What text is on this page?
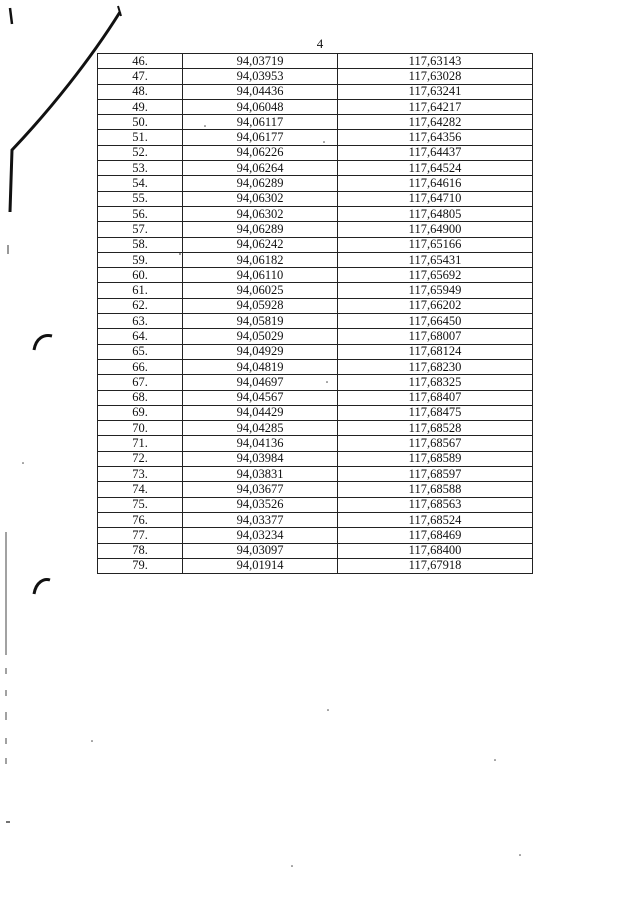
4
46.	94,03719	117,63143
47.	94,03953	117,63028
48.	94,04436	117,63241
49.	94,06048	117,64217
50.	94,06117	117,64282
51.	94,06177	117,64356
52.	94,06226	117,64437
53.	94,06264	117,64524
54.	94,06289	117,64616
55.	94,06302	117,64710
56.	94,06302	117,64805
57.	94,06289	117,64900
58.	94,06242	117,65166
59.	94,06182	117,65431
60.	94,06110	117,65692
61.	94,06025	117,65949
62.	94,05928	117,66202
63.	94,05819	117,66450
64.	94,05029	117,68007
65.	94,04929	117,68124
66.	94,04819	117,68230
67.	94,04697	117,68325
68.	94,04567	117,68407
69.	94,04429	117,68475
70.	94,04285	117,68528
71.	94,04136	117,68567
72.	94,03984	117,68589
73.	94,03831	117,68597
74.	94,03677	117,68588
75.	94,03526	117,68563
76.	94,03377	117,68524
77.	94,03234	117,68469
78.	94,03097	117,68400
79.	94,01914	117,67918
